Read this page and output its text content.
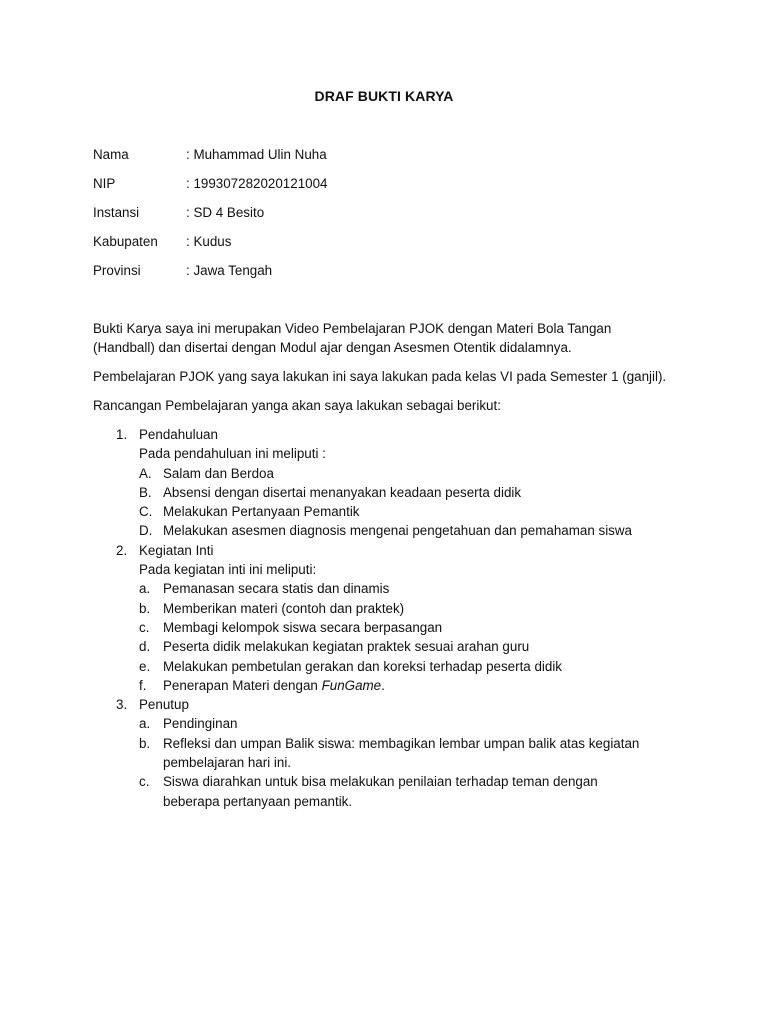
DRAF BUKTI KARYA
Nama	: Muhammad Ulin Nuha
NIP	: 199307282020121004
Instansi	: SD 4 Besito
Kabupaten : Kudus
Provinsi	: Jawa Tengah
Bukti Karya saya ini merupakan Video Pembelajaran PJOK dengan Materi Bola Tangan
(Handball) dan disertai dengan Modul ajar dengan Asesmen Otentik didalamnya.
Pembelajaran PJOK yang saya lakukan ini saya lakukan pada kelas VI pada Semester 1 (ganjil).
Rancangan Pembelajaran yanga akan saya lakukan sebagai berikut:
1. Pendahuluan
Pada pendahuluan ini meliputi :
A. Salam dan Berdoa
B. Absensi dengan disertai menanyakan keadaan peserta didik
C. Melakukan Pertanyaan Pemantik
D. Melakukan asesmen diagnosis mengenai pengetahuan dan pemahaman siswa
2. Kegiatan Inti
Pada kegiatan inti ini meliputi:
a. Pemanasan secara statis dan dinamis
b. Memberikan materi (contoh dan praktek)
c. Membagi kelompok siswa secara berpasangan
d. Peserta didik melakukan kegiatan praktek sesuai arahan guru
e. Melakukan pembetulan gerakan dan koreksi terhadap peserta didik
f. Penerapan Materi dengan FunGame.
3. Penutup
a. Pendinginan
b. Refleksi dan umpan Balik siswa: membagikan lembar umpan balik atas kegiatan
pembelajaran hari ini.
c. Siswa diarahkan untuk bisa melakukan penilaian terhadap teman dengan
beberapa pertanyaan pemantik.
